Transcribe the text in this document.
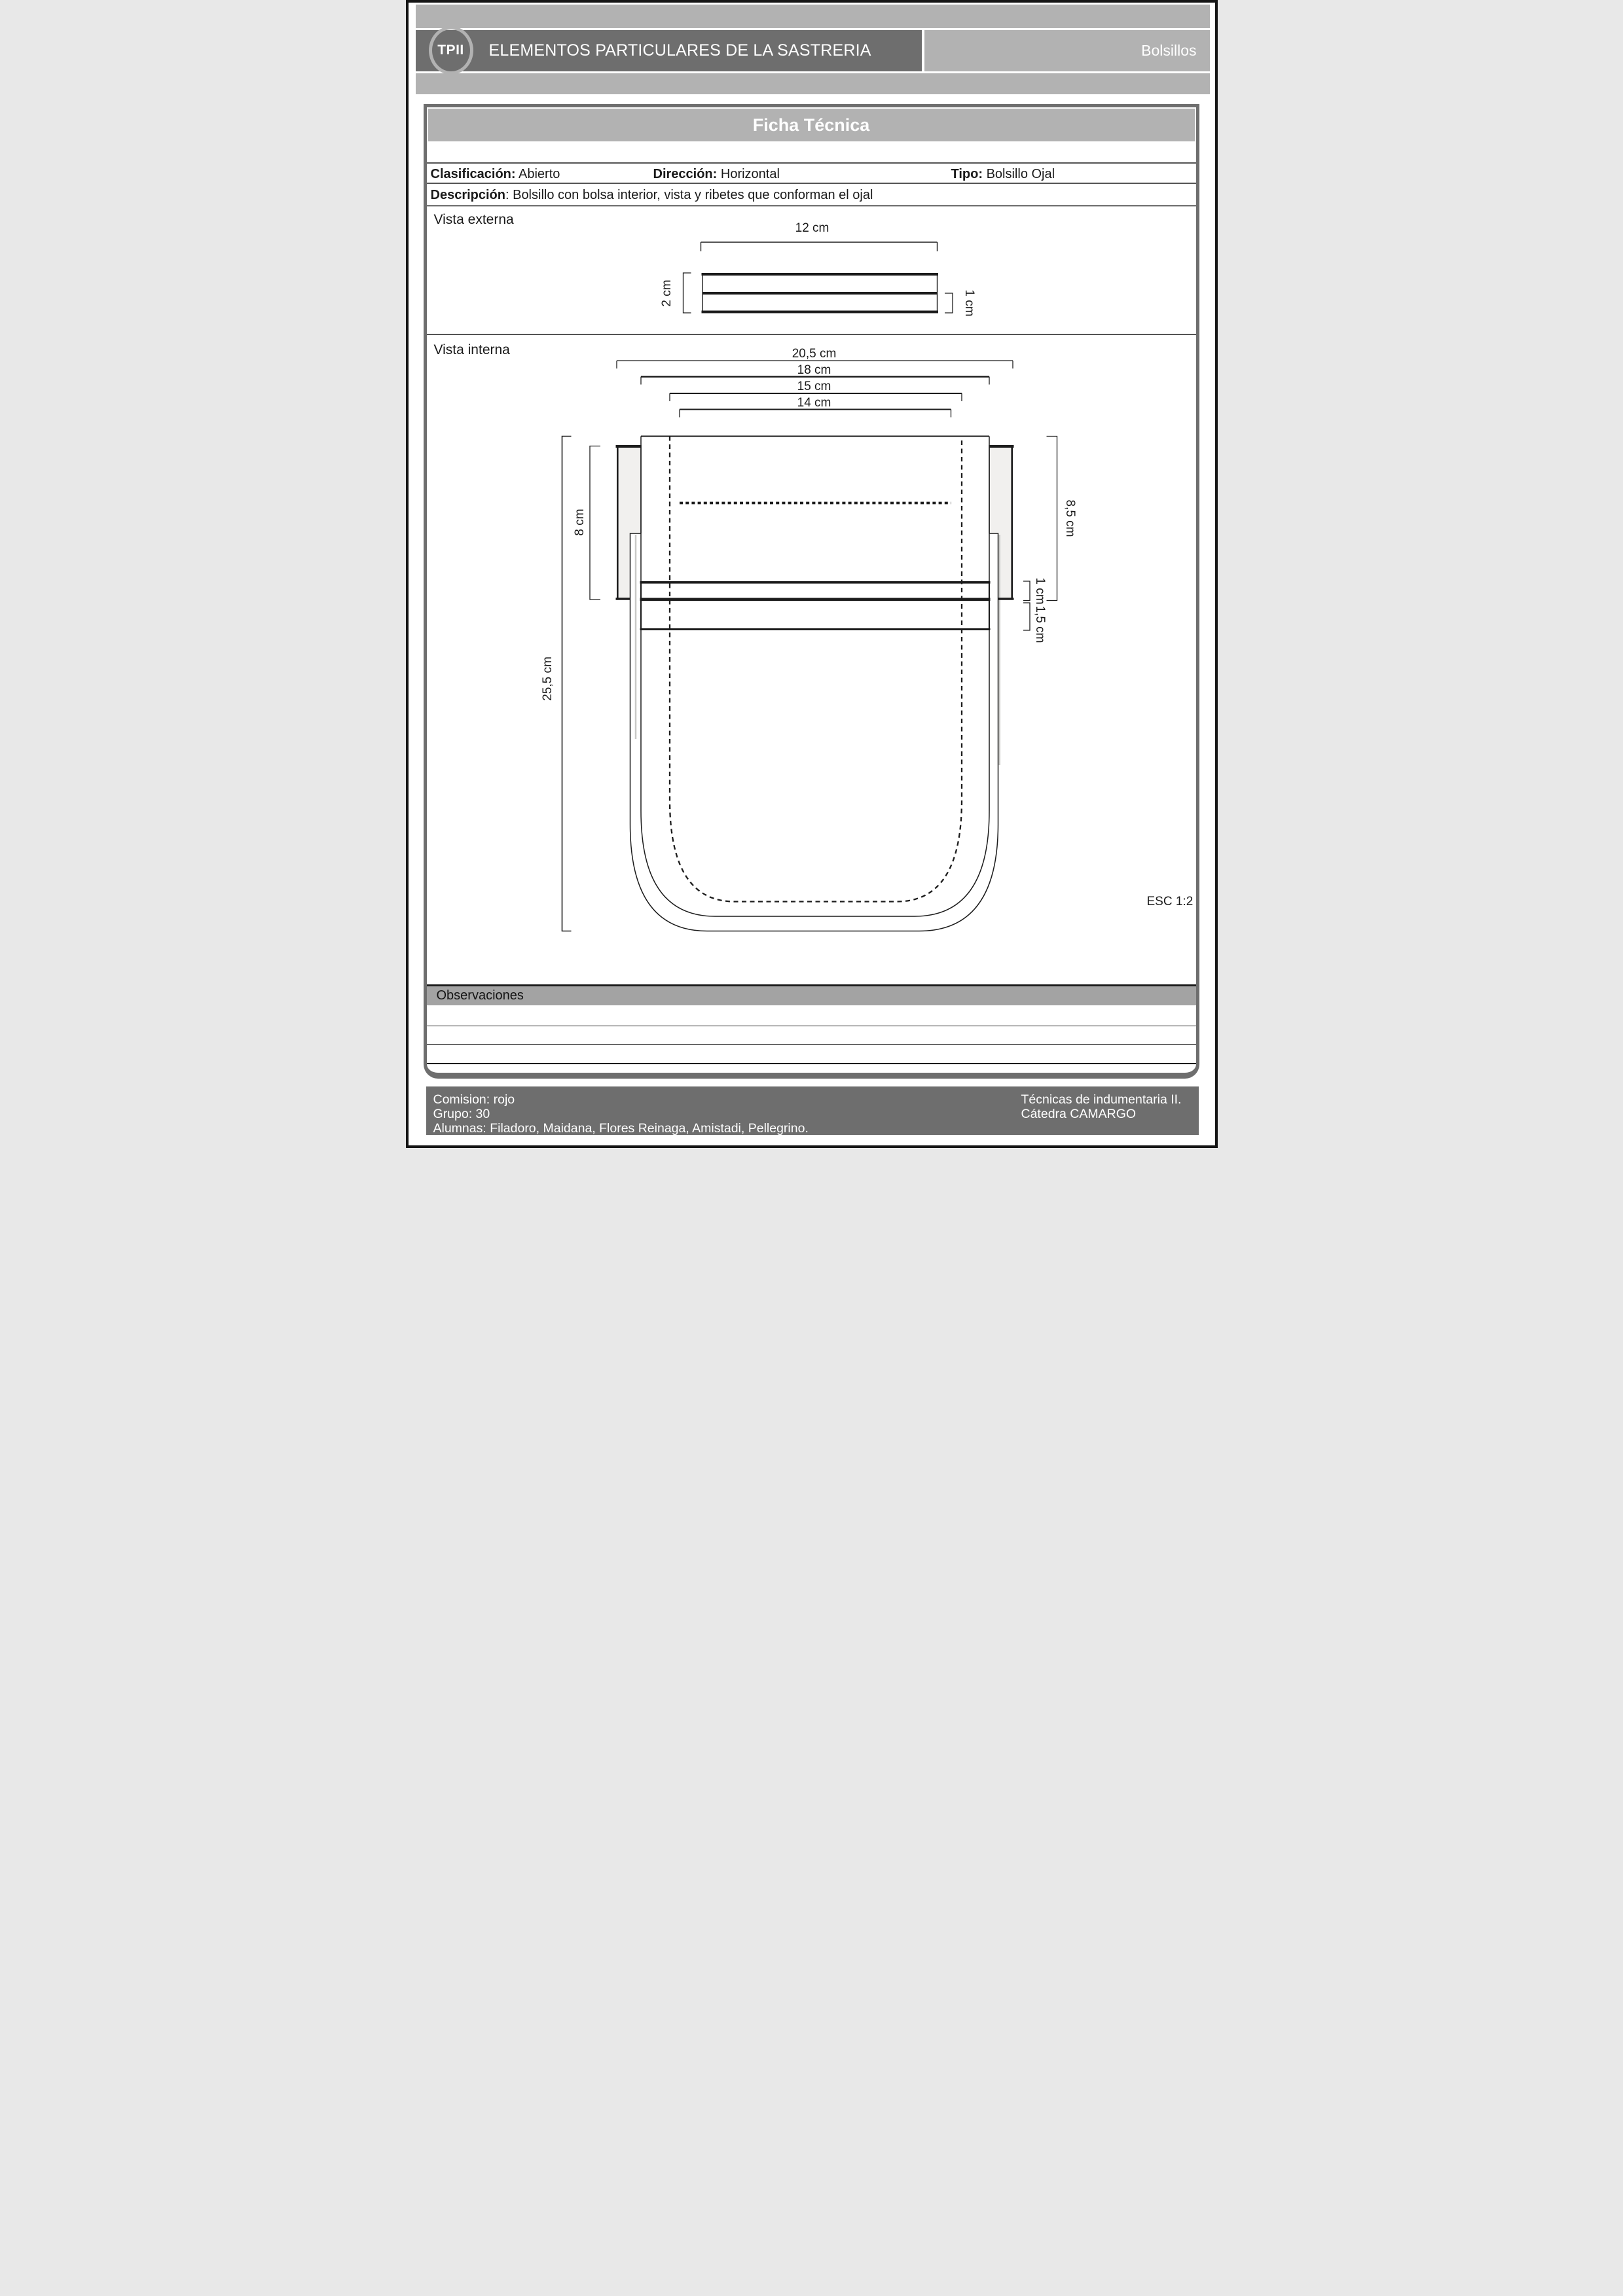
TPII ELEMENTOS PARTICULARES DE LA SASTRERIA	Bolsillos
Ficha Técnica
Clasificación: Abierto	Dirección: Horizontal	Tipo: Bolsillo Ojal
Descripción: Bolsillo con bolsa interior, vista y ribetes que conforman el ojal
Vista externa
12 cm
2 cm	1 cm
Vista interna	20,5 cm
18 cm
15 cm
14 cm
8 cm	8,5 cm
1 cm
1,5 cm
25,5 cm
ESC 1:2
Observaciones
Comision: rojo
Grupo: 30
Alumnas: Filadoro, Maidana, Flores Reinaga, Amistadi, Pellegrino.
Técnicas de indumentaria II.
Cátedra CAMARGO
